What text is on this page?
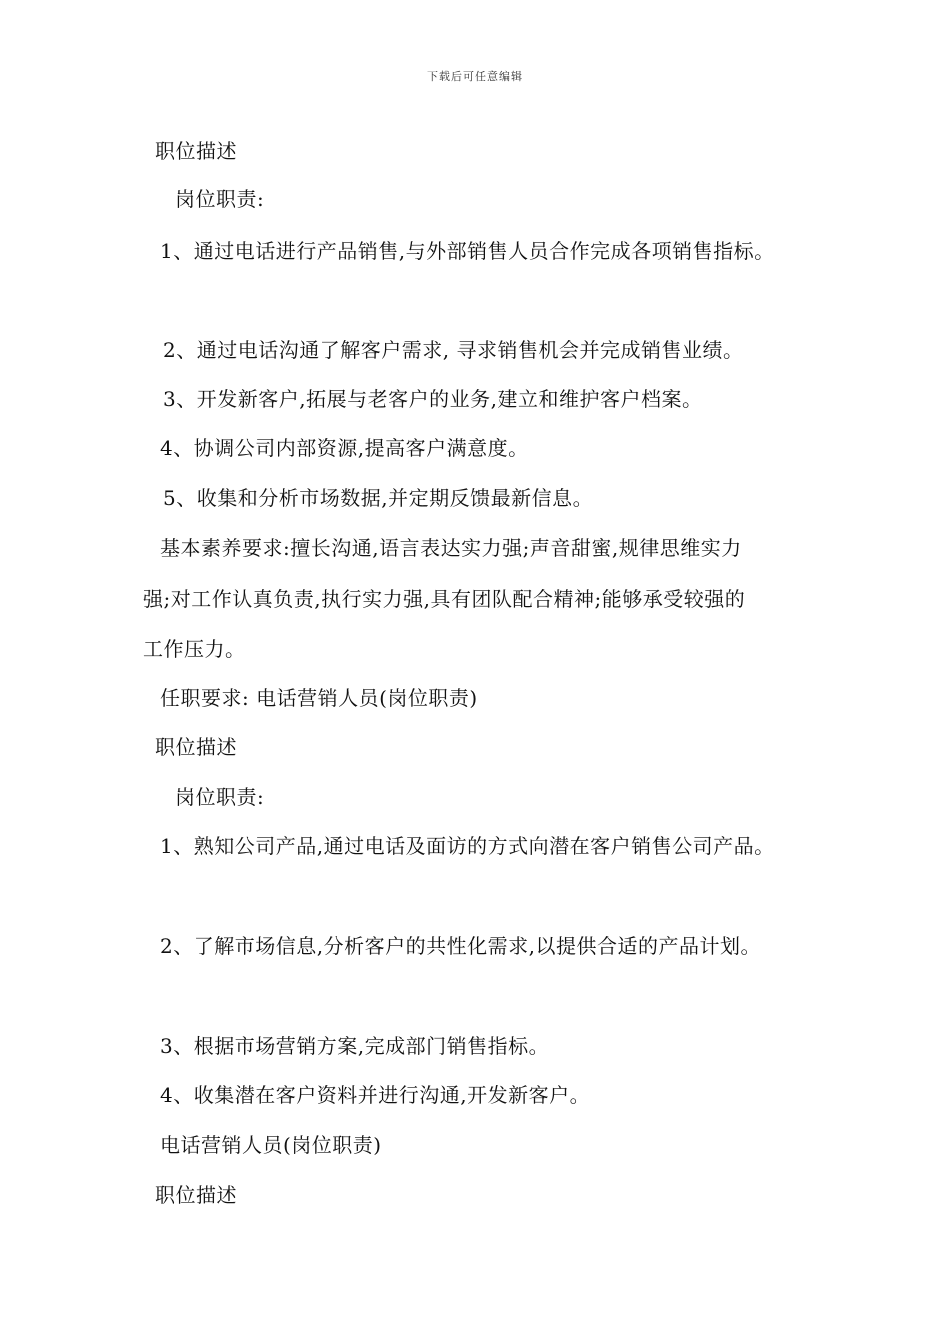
下载后可任意编辑
职位描述
岗位职责:
1、通过电话进行产品销售,与外部销售人员合作完成各项销售指标。
2、通过电话沟通了解客户需求, 寻求销售机会并完成销售业绩。
3、开发新客户,拓展与老客户的业务,建立和维护客户档案。
4、协调公司内部资源,提高客户满意度。
5、收集和分析市场数据,并定期反馈最新信息。
基本素养要求:擅长沟通,语言表达实力强;声音甜蜜,规律思维实力
强;对工作认真负责,执行实力强,具有团队配合精神;能够承受较强的
工作压力。
任职要求: 电话营销人员(岗位职责)
职位描述
岗位职责:
1、熟知公司产品,通过电话及面访的方式向潜在客户销售公司产品。
2、了解市场信息,分析客户的共性化需求,以提供合适的产品计划。
3、根据市场营销方案,完成部门销售指标。
4、收集潜在客户资料并进行沟通,开发新客户。
电话营销人员(岗位职责)
职位描述
